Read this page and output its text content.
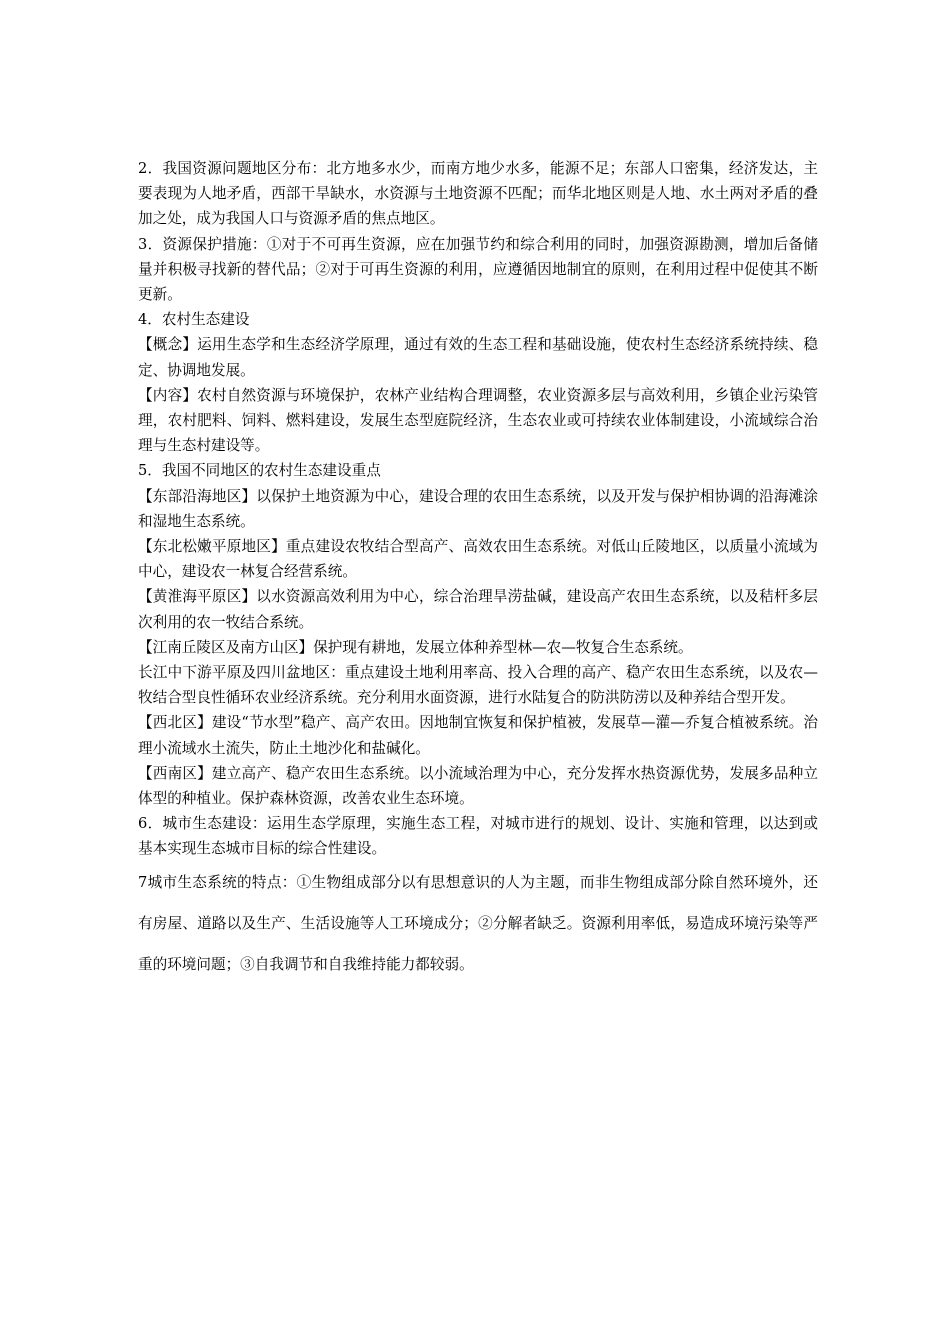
2．我国资源问题地区分布：北方地多水少，而南方地少水多，能源不足；东部人口密集，经济发达，主要表现为人地矛盾，西部干旱缺水，水资源与土地资源不匹配；而华北地区则是人地、水土两对矛盾的叠加之处，成为我国人口与资源矛盾的焦点地区。

3．资源保护措施：①对于不可再生资源，应在加强节约和综合利用的同时，加强资源勘测，增加后备储量并积极寻找新的替代品；②对于可再生资源的利用，应遵循因地制宜的原则，在利用过程中促使其不断更新。

4．农村生态建设

【概念】运用生态学和生态经济学原理，通过有效的生态工程和基础设施，使农村生态经济系统持续、稳定、协调地发展。

【内容】农村自然资源与环境保护，农林产业结构合理调整，农业资源多层与高效利用，乡镇企业污染管理，农村肥料、饲料、燃料建设，发展生态型庭院经济，生态农业或可持续农业体制建设，小流域综合治理与生态村建设等。

5．我国不同地区的农村生态建设重点

【东部沿海地区】以保护土地资源为中心，建设合理的农田生态系统，以及开发与保护相协调的沿海滩涂和湿地生态系统。

【东北松嫩平原地区】重点建设农牧结合型高产、高效农田生态系统。对低山丘陵地区，以质量小流域为中心，建设农一林复合经营系统。

【黄淮海平原区】以水资源高效利用为中心，综合治理旱涝盐碱，建设高产农田生态系统，以及秸杆多层次利用的农一牧结合系统。

【江南丘陵区及南方山区】保护现有耕地，发展立体种养型林—农—牧复合生态系统。

长江中下游平原及四川盆地区：重点建设土地利用率高、投入合理的高产、稳产农田生态系统，以及农—牧结合型良性循环农业经济系统。充分利用水面资源，进行水陆复合的防洪防涝以及种养结合型开发。

【西北区】建设“节水型”稳产、高产农田。因地制宜恢复和保护植被，发展草—灌—乔复合植被系统。治理小流域水土流失，防止土地沙化和盐碱化。

【西南区】建立高产、稳产农田生态系统。以小流域治理为中心，充分发挥水热资源优势，发展多品种立体型的种植业。保护森林资源，改善农业生态环境。

6．城市生态建设：运用生态学原理，实施生态工程，对城市进行的规划、设计、实施和管理，以达到或基本实现生态城市目标的综合性建设。

7城市生态系统的特点：①生物组成部分以有思想意识的人为主题，而非生物组成部分除自然环境外，还有房屋、道路以及生产、生活设施等人工环境成分；②分解者缺乏。资源利用率低，易造成环境污染等严重的环境问题；③自我调节和自我维持能力都较弱。
